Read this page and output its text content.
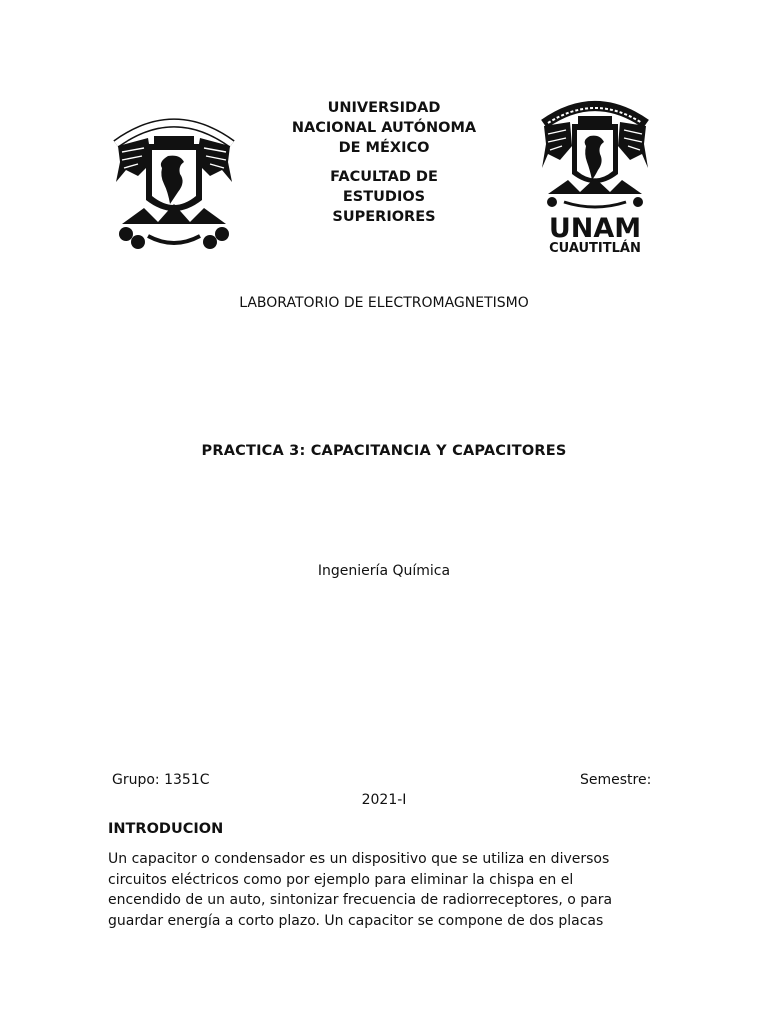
UNIVERSIDAD
NACIONAL AUTÓNOMA
DE MÉXICO
FACULTAD DE
ESTUDIOS
SUPERIORES	UNAM
CUAUTITLÁN
LABORATORIO DE ELECTROMAGNETISMO
PRACTICA 3: CAPACITANCIA Y CAPACITORES
Ingeniería Química
Grupo: 1351C	Semestre:
2021-I
INTRODUCION
Un capacitor o condensador es un dispositivo que se utiliza en diversos
circuitos eléctricos como por ejemplo para eliminar la chispa en el
encendido de un auto, sintonizar frecuencia de radiorreceptores, o para
guardar energía a corto plazo. Un capacitor se compone de dos placas
